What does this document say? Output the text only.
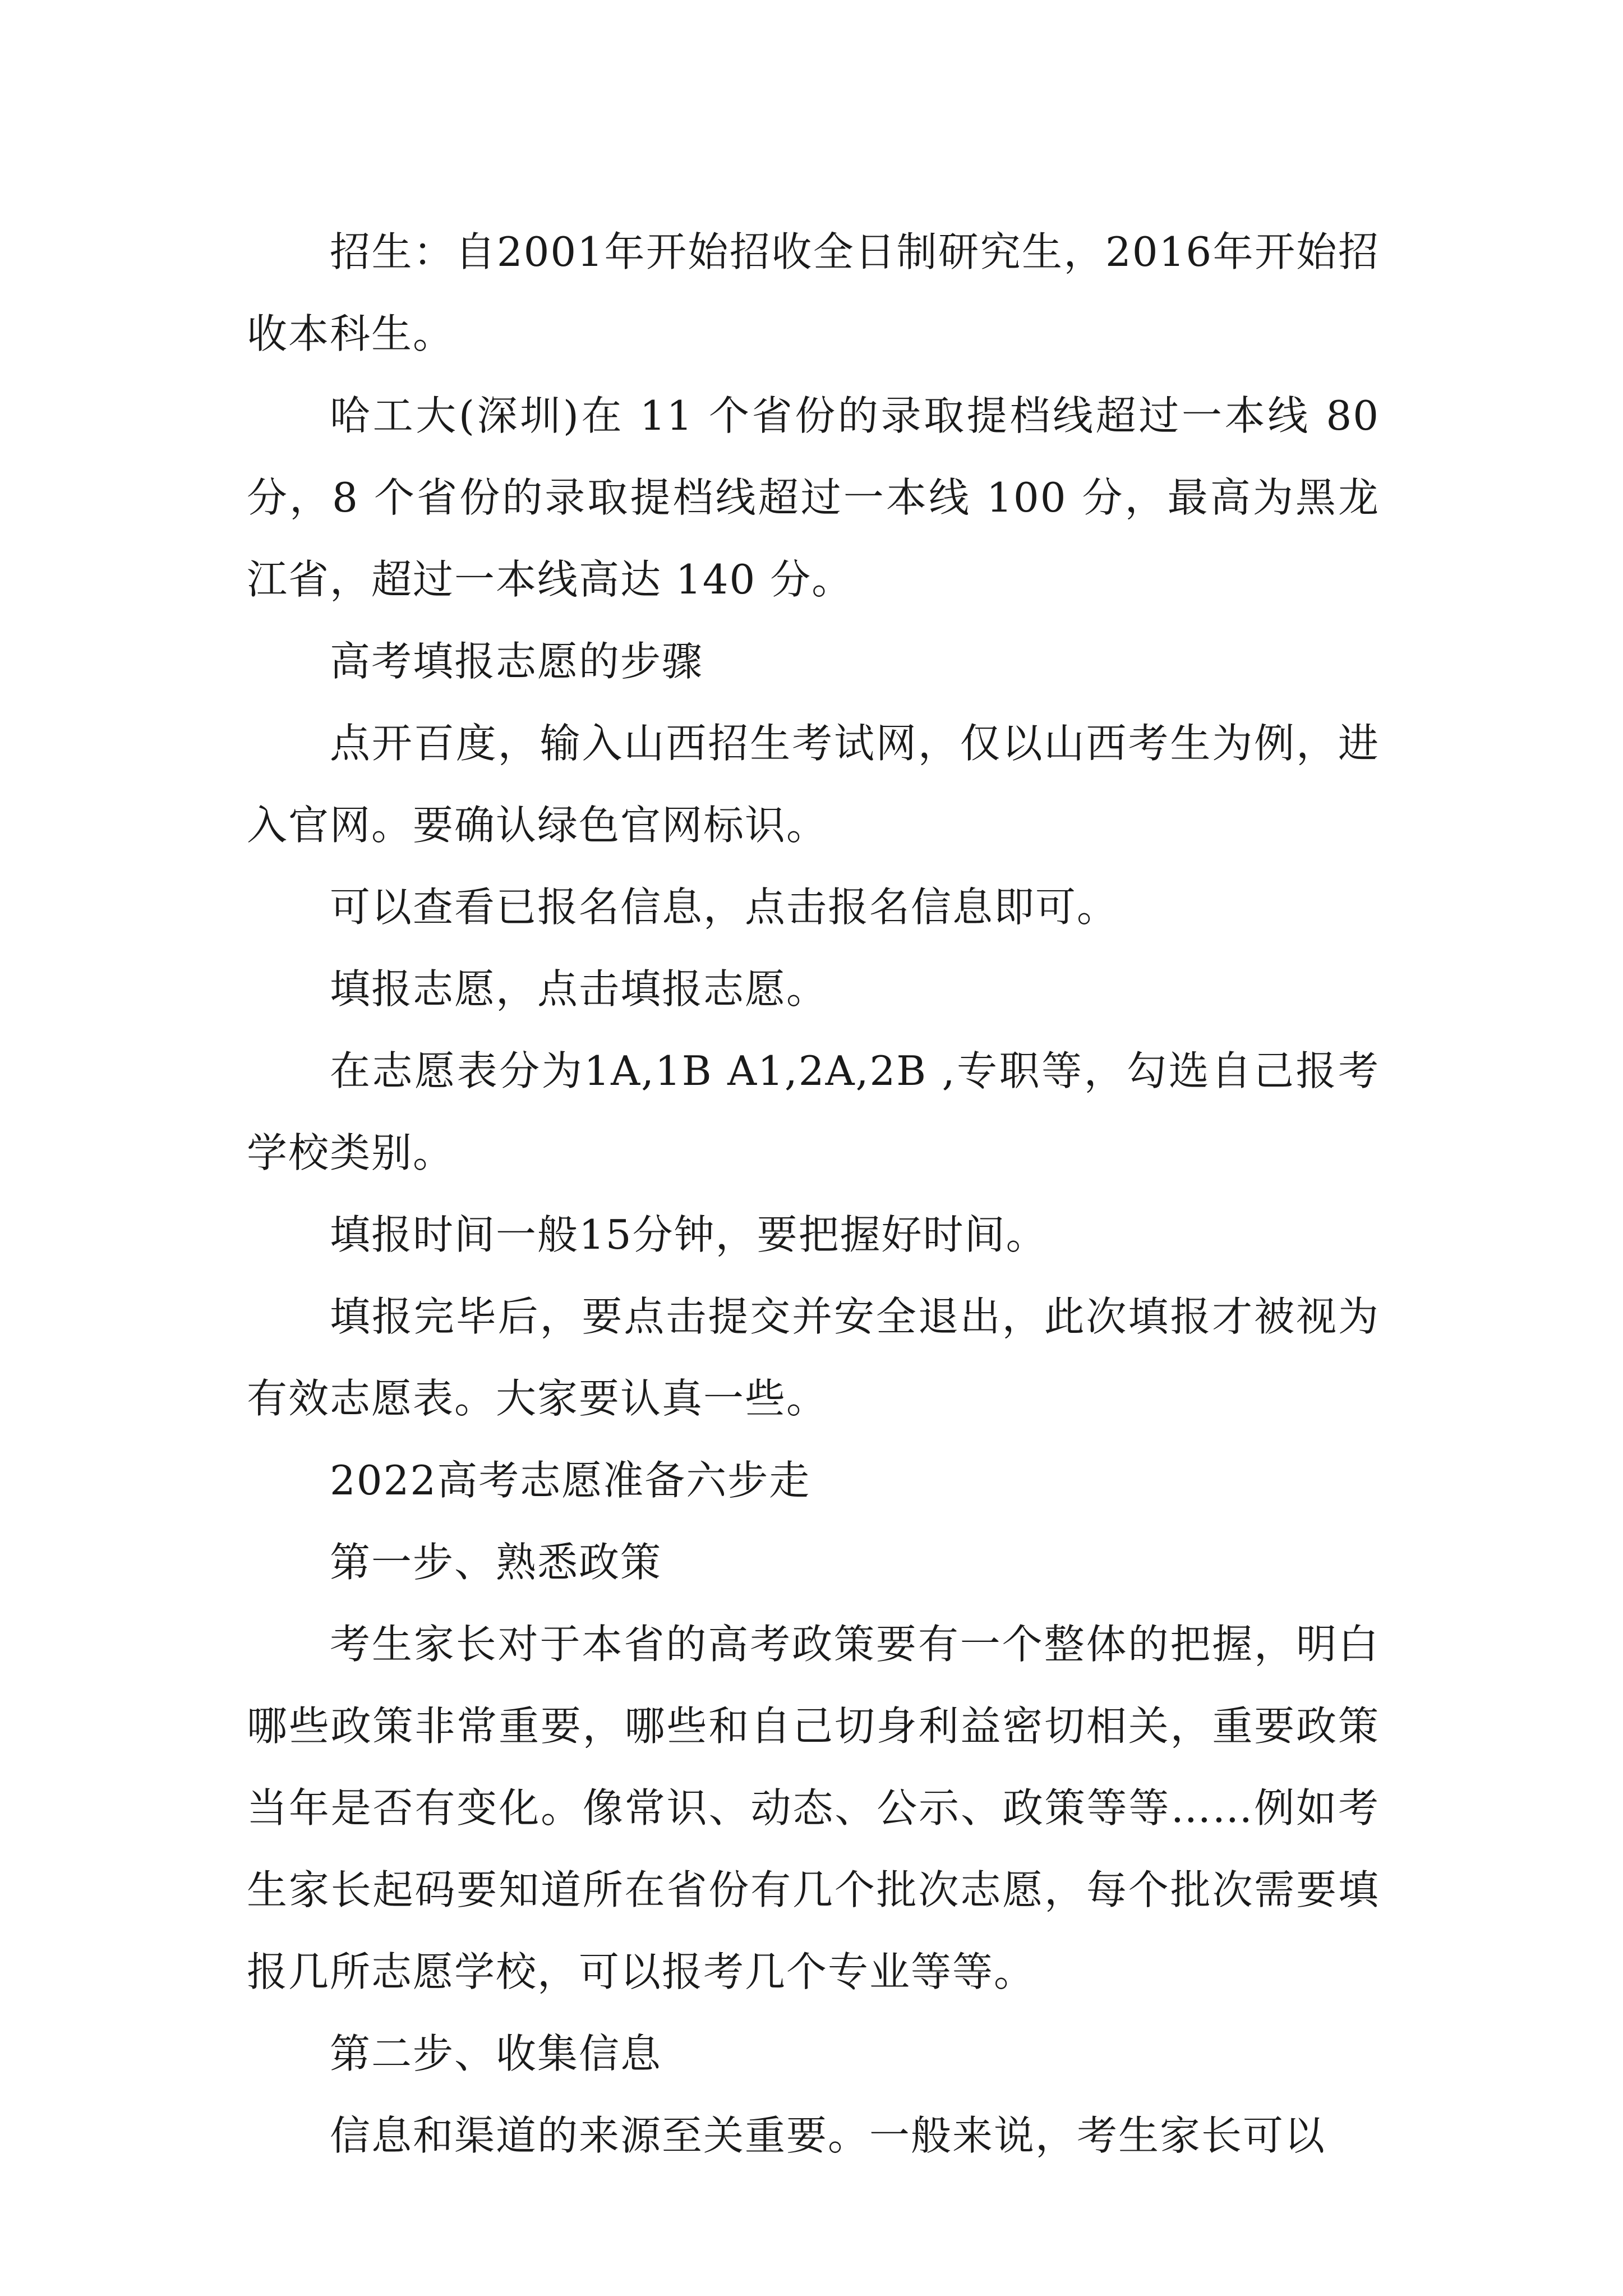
招生：自2001年开始招收全日制研究生，2016年开始招收本科生。

哈工大(深圳)在 11 个省份的录取提档线超过一本线 80 分，8 个省份的录取提档线超过一本线 100 分，最高为黑龙江省，超过一本线高达 140 分。

高考填报志愿的步骤

点开百度，输入山西招生考试网，仅以山西考生为例，进入官网。要确认绿色官网标识。

可以查看已报名信息，点击报名信息即可。

填报志愿，点击填报志愿。

在志愿表分为1A,1B A1,2A,2B ,专职等，勾选自己报考学校类别。

填报时间一般15分钟，要把握好时间。

填报完毕后，要点击提交并安全退出，此次填报才被视为有效志愿表。大家要认真一些。

2022高考志愿准备六步走

第一步、熟悉政策

考生家长对于本省的高考政策要有一个整体的把握，明白哪些政策非常重要，哪些和自己切身利益密切相关，重要政策当年是否有变化。像常识、动态、公示、政策等等……例如考生家长起码要知道所在省份有几个批次志愿，每个批次需要填报几所志愿学校，可以报考几个专业等等。

第二步、收集信息

信息和渠道的来源至关重要。一般来说，考生家长可以
